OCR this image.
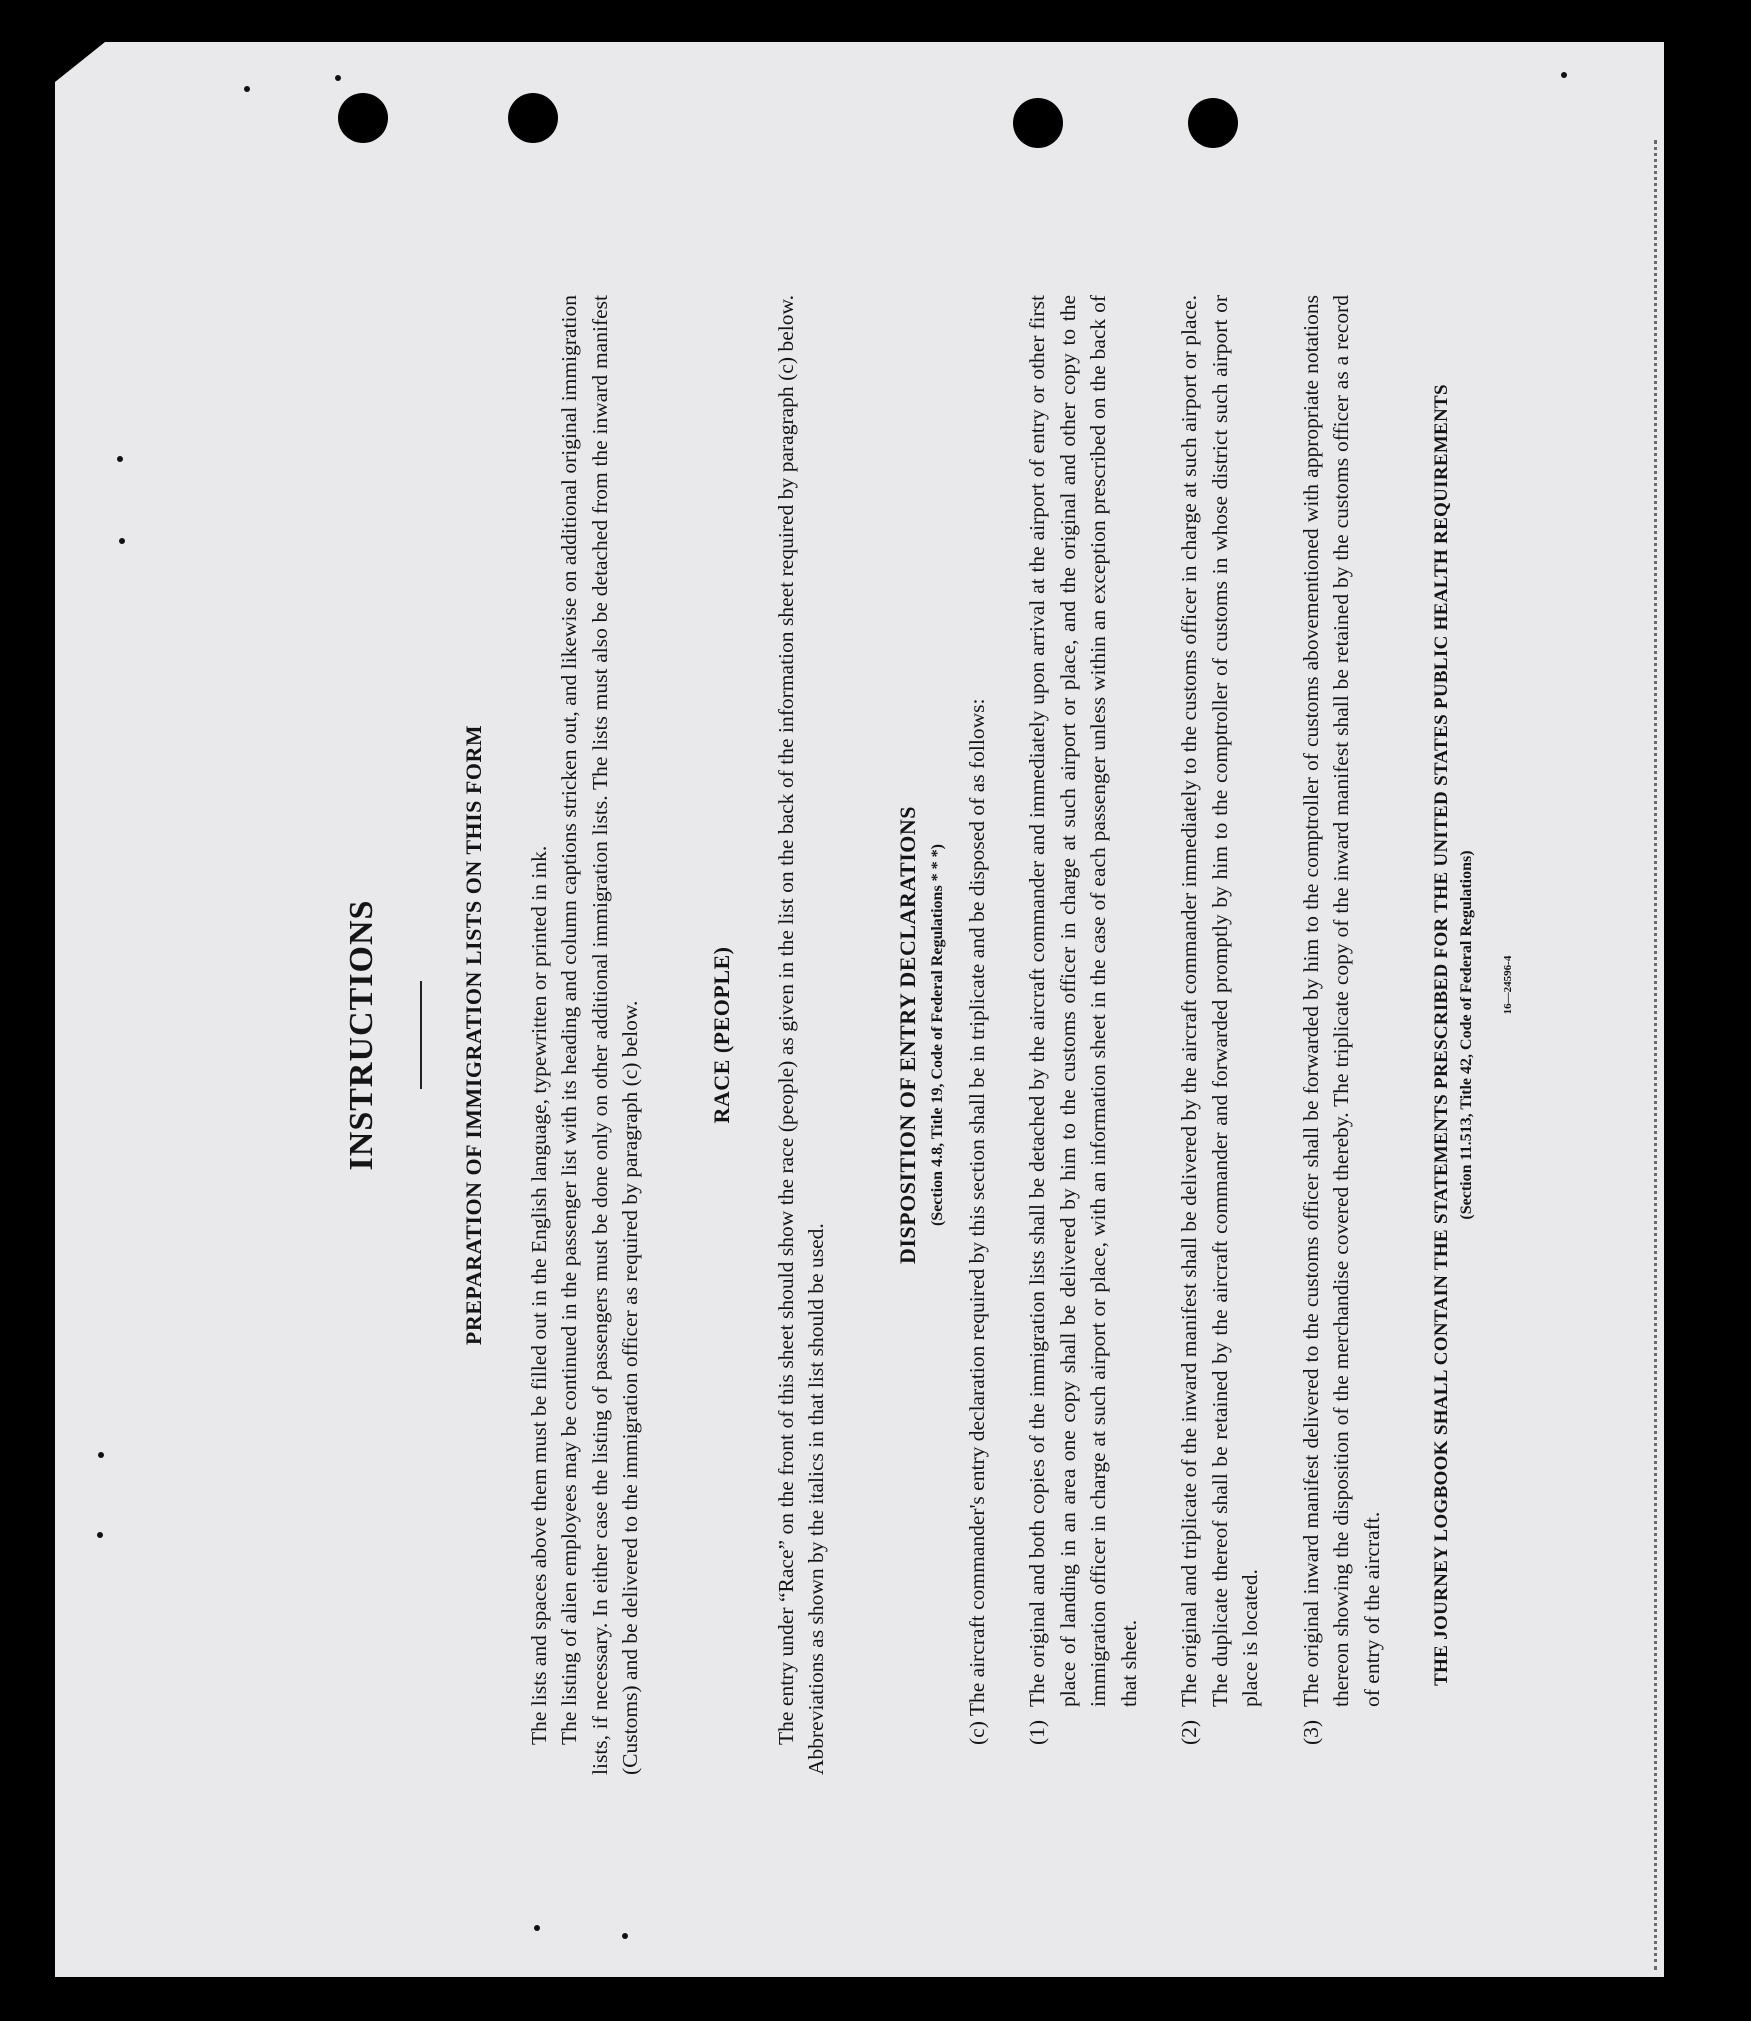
INSTRUCTIONS	PREPARATION OF IMMIGRATION LISTS ON THIS FORM The lists and spaces above them must be filled out in the English language, typewritten or printed in ink. The listing of alien employees may be continued in the passenger list with its heading and column captions stricken out, and likewise on additional original immigration lists, if necessary. In either case the listing of passengers must be done only on other additional immigration lists. The lists must also be detached from the inward manifest (Customs) and be delivered to the immigration officer as required by paragraph (c) below.	RACE (PEOPLE) The entry under “Race” on the front of this sheet should show the race (people) as given in the list on the back of the information sheet required by paragraph (c) below. Abbreviations as shown by the italics in that list should be used.

DISPOSITION OF ENTRY DECLARATIONS (Section 4.8, Title 19, Code of Federal Regulations * * *) (c) The aircraft commander's entry declaration required by this section shall be in triplicate and be disposed of as follows: (1)
The original and both copies of the immigration lists shall be detached by the aircraft commander and immediately upon arrival at the airport of entry or other first place of landing in an area one copy shall be delivered by him to the customs officer in charge at such airport or place, and the original and other copy to the immigration officer in charge at such airport or place, with an information sheet in the case of each passenger unless within an exception prescribed on the back of that sheet.
(2)
The original and triplicate of the inward manifest shall be delivered by the aircraft commander immediately to the customs officer in charge at such airport or place. The duplicate thereof shall be retained by the aircraft commander and forwarded promptly by him to the comptroller of customs in whose district such airport or place is located.
(3)
The original inward manifest delivered to the customs officer shall be forwarded by him to the comptroller of customs abovementioned with appropriate notations thereon showing the disposition of the merchandise covered thereby. The triplicate copy of the inward manifest shall be retained by the customs officer as a record of entry of the aircraft.	THE JOURNEY LOGBOOK SHALL CONTAIN THE STATEMENTS PRESCRIBED FOR THE UNITED STATES PUBLIC HEALTH REQUIREMENTS (Section 11.513, Title 42, Code of Federal Regulations)	16—24596-4
